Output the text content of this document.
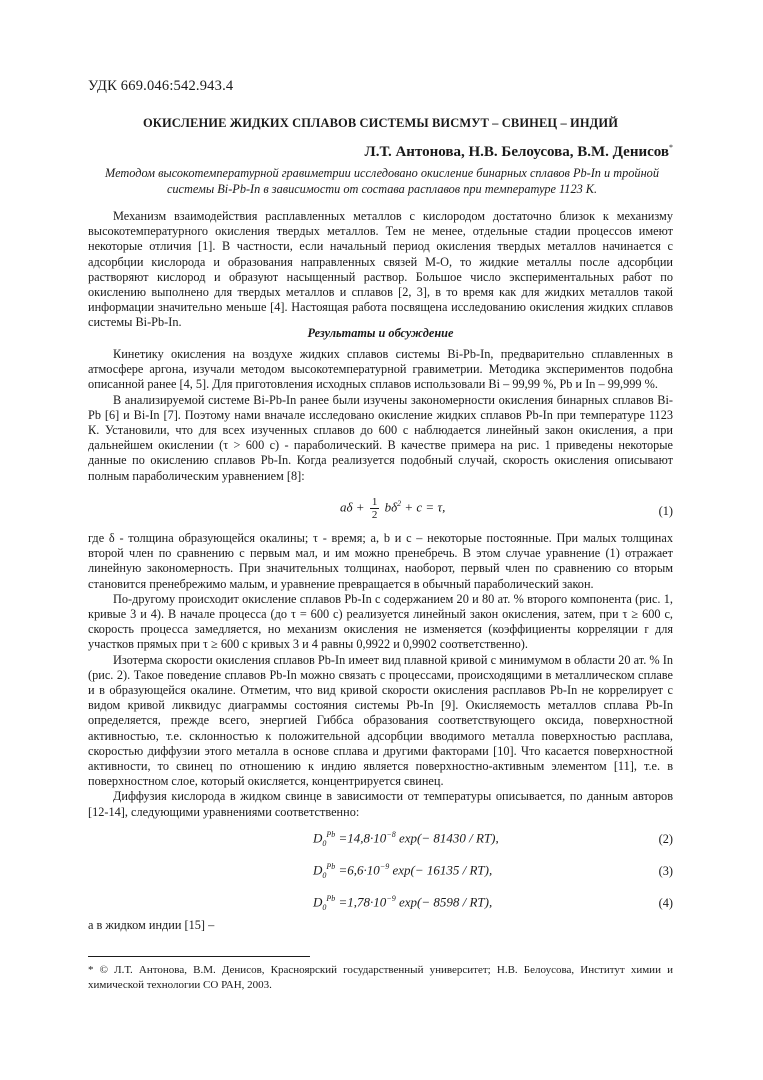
УДК 669.046:542.943.4
ОКИСЛЕНИЕ ЖИДКИХ СПЛАВОВ СИСТЕМЫ ВИСМУТ – СВИНЕЦ – ИНДИЙ
Л.Т. Антонова, Н.В. Белоусова, В.М. Денисов*
Методом высокотемпературной гравиметрии исследовано окисление бинарных сплавов Pb-In и тройной системы Bi-Pb-In в зависимости от состава расплавов при температуре 1123 К.

Механизм взаимодействия расплавленных металлов с кислородом достаточно близок к механизму высокотемпературного окисления твердых металлов. Тем не менее, отдельные стадии процессов имеют некоторые отличия [1]. В частности, если начальный период окисления твердых металлов начинается с адсорбции кислорода и образования направленных связей M-O, то жидкие металлы после адсорбции растворяют кислород и образуют насыщенный раствор. Большое число экспериментальных работ по окислению выполнено для твердых металлов и сплавов [2, 3], в то время как для жидких металлов такой информации значительно меньше [4]. Настоящая работа посвящена исследованию окисления жидких сплавов системы Bi-Pb-In.

Результаты и обсуждение

Кинетику окисления на воздухе жидких сплавов системы Bi-Pb-In, предварительно сплавленных в атмосфере аргона, изучали методом высокотемпературной гравиметрии. Методика экспериментов подобна описанной ранее [4, 5]. Для приготовления исходных сплавов использовали Bi – 99,99 %, Pb и In – 99,999 %.

В анализируемой системе Bi-Pb-In ранее были изучены закономерности окисления бинарных сплавов Bi-Pb [6] и Bi-In [7]. Поэтому нами вначале исследовано окисление жидких сплавов Pb-In при температуре 1123 К. Установили, что для всех изученных сплавов до 600 с наблюдается линейный закон окисления, а при дальнейшем окислении (τ > 600 с) - параболический. В качестве примера на рис. 1 приведены некоторые данные по окислению сплавов Pb-In. Когда реализуется подобный случай, скорость окисления описывают полным параболическим уравнением [8]:

$a\delta + \frac{1}{2} b\delta^2 + c = \tau$,	(1)

где δ - толщина образующейся окалины; τ - время; a, b и c – некоторые постоянные. При малых толщинах второй член по сравнению с первым мал, и им можно пренебречь. В этом случае уравнение (1) отражает линейную закономерность. При значительных толщинах, наоборот, первый член по сравнению со вторым становится пренебрежимо малым, и уравнение превращается в обычный параболический закон.

По-другому происходит окисление сплавов Pb-In с содержанием 20 и 80 ат. % второго компонента (рис. 1, кривые 3 и 4). В начале процесса (до τ = 600 с) реализуется линейный закон окисления, затем, при τ ≥ 600 с, скорость процесса замедляется, но механизм окисления не изменяется (коэффициенты корреляции r для участков прямых при τ ≥ 600 с кривых 3 и 4 равны 0,9922 и 0,9902 соответственно).

Изотерма скорости окисления сплавов Pb-In имеет вид плавной кривой с минимумом в области 20 ат. % In (рис. 2). Такое поведение сплавов Pb-In можно связать с процессами, происходящими в металлическом сплаве и в образующейся окалине. Отметим, что вид кривой скорости окисления расплавов Pb-In не коррелирует с видом кривой ликвидус диаграммы состояния системы Pb-In [9]. Окисляемость металлов сплава Pb-In определяется, прежде всего, энергией Гиббса образования соответствующего оксида, поверхностной активностью, т.е. склонностью к положительной адсорбции вводимого металла поверхностью расплава, скоростью диффузии этого металла в основе сплава и другими факторами [10]. Что касается поверхностной активности, то свинец по отношению к индию является поверхностно-активным элементом [11], т.е. в поверхностном слое, который окисляется, концентрируется свинец.

Диффузия кислорода в жидком свинце в зависимости от температуры описывается, по данным авторов [12-14], следующими уравнениями соответственно:

$D_0^{Pb} =14,8\cdot 10^{-8}$ exp(− 81430 / RT),	(2)
$D_0^{Pb} =6,6\cdot 10^{-9}$ exp(− 16135 / RT),	(3)
$D_0^{Pb} =1,78\cdot 10^{-9}$ exp(− 8598 / RT),	(4)

а в жидком индии [15] –

* © Л.Т. Антонова, В.М. Денисов, Красноярский государственный университет; Н.В. Белоусова, Институт химии и химической технологии СО РАН, 2003.
